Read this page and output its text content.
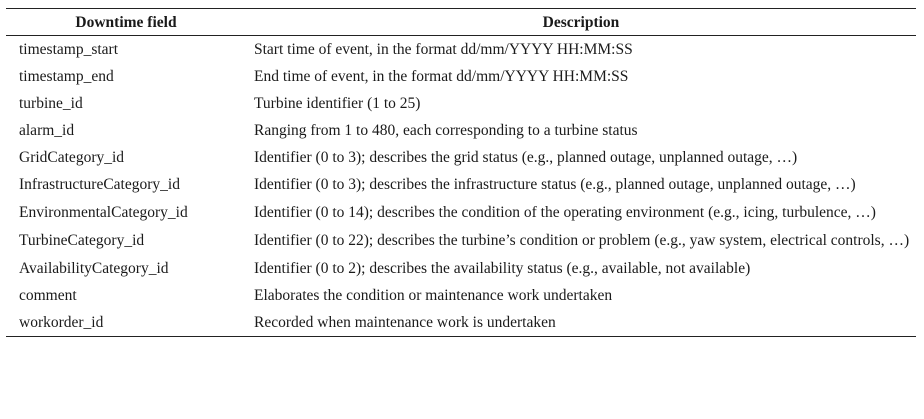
Downtime field	Description
timestamp_start	Start time of event, in the format dd/mm/YYYY HH:MM:SS
timestamp_end	End time of event, in the format dd/mm/YYYY HH:MM:SS
turbine_id	Turbine identifier (1 to 25)
alarm_id	Ranging from 1 to 480, each corresponding to a turbine status
GridCategory_id	Identifier (0 to 3); describes the grid status (e.g., planned outage, unplanned outage, …)
InfrastructureCategory_id	Identifier (0 to 3); describes the infrastructure status (e.g., planned outage, unplanned outage, …)
EnvironmentalCategory_id	Identifier (0 to 14); describes the condition of the operating environment (e.g., icing, turbulence, …)
TurbineCategory_id	Identifier (0 to 22); describes the turbine’s condition or problem (e.g., yaw system, electrical controls, …)
AvailabilityCategory_id	Identifier (0 to 2); describes the availability status (e.g., available, not available)
comment	Elaborates the condition or maintenance work undertaken
workorder_id	Recorded when maintenance work is undertaken
